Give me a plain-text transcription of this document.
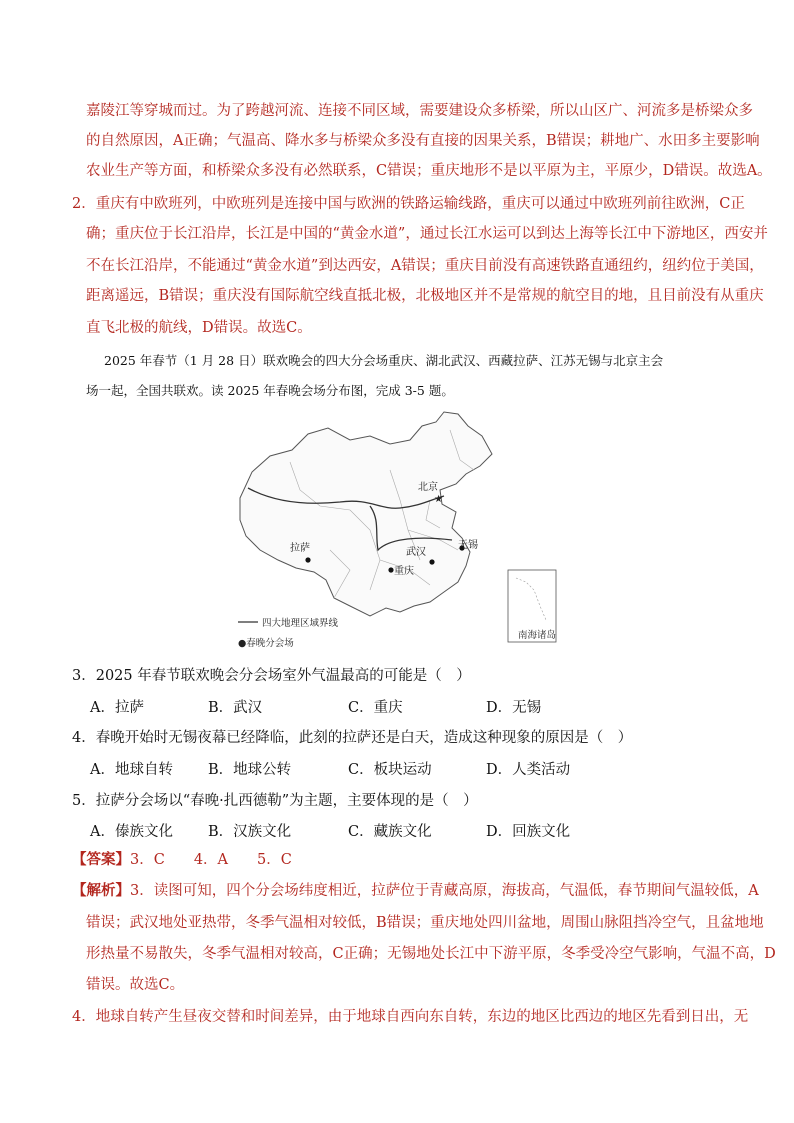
嘉陵江等穿城而过。为了跨越河流、连接不同区域，需要建设众多桥梁，所以山区广、河流多是桥梁众多
的自然原因，A正确；气温高、降水多与桥梁众多没有直接的因果关系，B错误；耕地广、水田多主要影响
农业生产等方面，和桥梁众多没有必然联系，C错误；重庆地形不是以平原为主，平原少，D错误。故选A。
2．重庆有中欧班列，中欧班列是连接中国与欧洲的铁路运输线路，重庆可以通过中欧班列前往欧洲，C正
确；重庆位于长江沿岸，长江是中国的“黄金水道”，通过长江水运可以到达上海等长江中下游地区，西安并
不在长江沿岸，不能通过“黄金水道”到达西安，A错误；重庆目前没有高速铁路直通纽约，纽约位于美国，
距离遥远，B错误；重庆没有国际航空线直抵北极，北极地区并不是常规的航空目的地，且目前没有从重庆
直飞北极的航线，D错误。故选C。
2025 年春节（1 月 28 日）联欢晚会的四大分会场重庆、湖北武汉、西藏拉萨、江苏无锡与北京主会
场一起，全国共联欢。读 2025 年春晚会场分布图，完成 3-5 题。
★
北京
拉萨	武汉
重庆
无锡
南海诸岛
四大地理区域界线
●春晚分会场
3．2025 年春节联欢晚会分会场室外气温最高的可能是（　）
A．拉萨	B．武汉	C．重庆	D．无锡
4．春晚开始时无锡夜幕已经降临，此刻的拉萨还是白天，造成这种现象的原因是（　）
A．地球自转 B．地球公转	C．板块运动	D．人类活动
5．拉萨分会场以“春晚·扎西德勒”为主题，主要体现的是（　）
A．傣族文化 B．汉族文化	C．藏族文化	D．回族文化
【答案】3．C　　4．A　　5．C
【解析】3．读图可知，四个分会场纬度相近，拉萨位于青藏高原，海拔高，气温低，春节期间气温较低，A
错误；武汉地处亚热带，冬季气温相对较低，B错误；重庆地处四川盆地，周围山脉阻挡冷空气，且盆地地
形热量不易散失，冬季气温相对较高，C正确；无锡地处长江中下游平原，冬季受冷空气影响，气温不高，D
错误。故选C。
4．地球自转产生昼夜交替和时间差异，由于地球自西向东自转，东边的地区比西边的地区先看到日出，无
